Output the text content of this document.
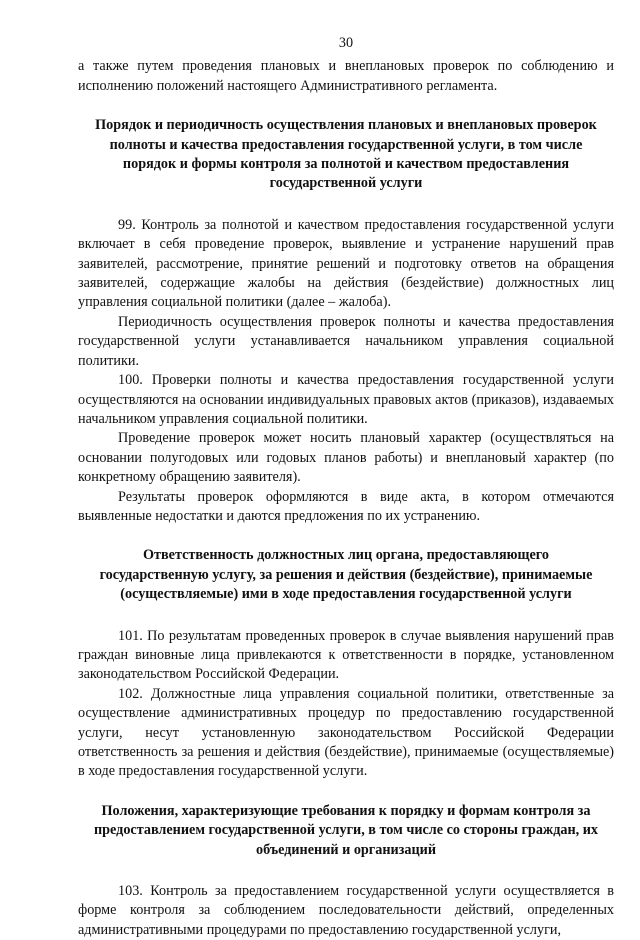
30

а также путем проведения плановых и внеплановых проверок по соблюдению и исполнению положений настоящего Административного регламента.

Порядок и периодичность осуществления плановых и внеплановых проверок полноты и качества предоставления государственной услуги, в том числе порядок и формы контроля за полнотой и качеством предоставления государственной услуги

99. Контроль за полнотой и качеством предоставления государственной услуги включает в себя проведение проверок, выявление и устранение нарушений прав заявителей, рассмотрение, принятие решений и подготовку ответов на обращения заявителей, содержащие жалобы на действия (бездействие) должностных лиц управления социальной политики (далее – жалоба).

Периодичность осуществления проверок полноты и качества предоставления государственной услуги устанавливается начальником управления социальной политики.

100. Проверки полноты и качества предоставления государственной услуги осуществляются на основании индивидуальных правовых актов (приказов), издаваемых начальником управления социальной политики.

Проведение проверок может носить плановый характер (осуществляться на основании полугодовых или годовых планов работы) и внеплановый характер (по конкретному обращению заявителя).

Результаты проверок оформляются в виде акта, в котором отмечаются выявленные недостатки и даются предложения по их устранению.

Ответственность должностных лиц органа, предоставляющего государственную услугу, за решения и действия (бездействие), принимаемые (осуществляемые) ими в ходе предоставления государственной услуги

101. По результатам проведенных проверок в случае выявления нарушений прав граждан виновные лица привлекаются к ответственности в порядке, установленном законодательством Российской Федерации.

102. Должностные лица управления социальной политики, ответственные за осуществление административных процедур по предоставлению государственной услуги, несут установленную законодательством Российской Федерации ответственность за решения и действия (бездействие), принимаемые (осуществляемые) в ходе предоставления государственной услуги.

Положения, характеризующие требования к порядку и формам контроля за предоставлением государственной услуги, в том числе со стороны граждан, их объединений и организаций

103. Контроль за предоставлением государственной услуги осуществляется в форме контроля за соблюдением последовательности действий, определенных административными процедурами по предоставлению государственной услуги,
